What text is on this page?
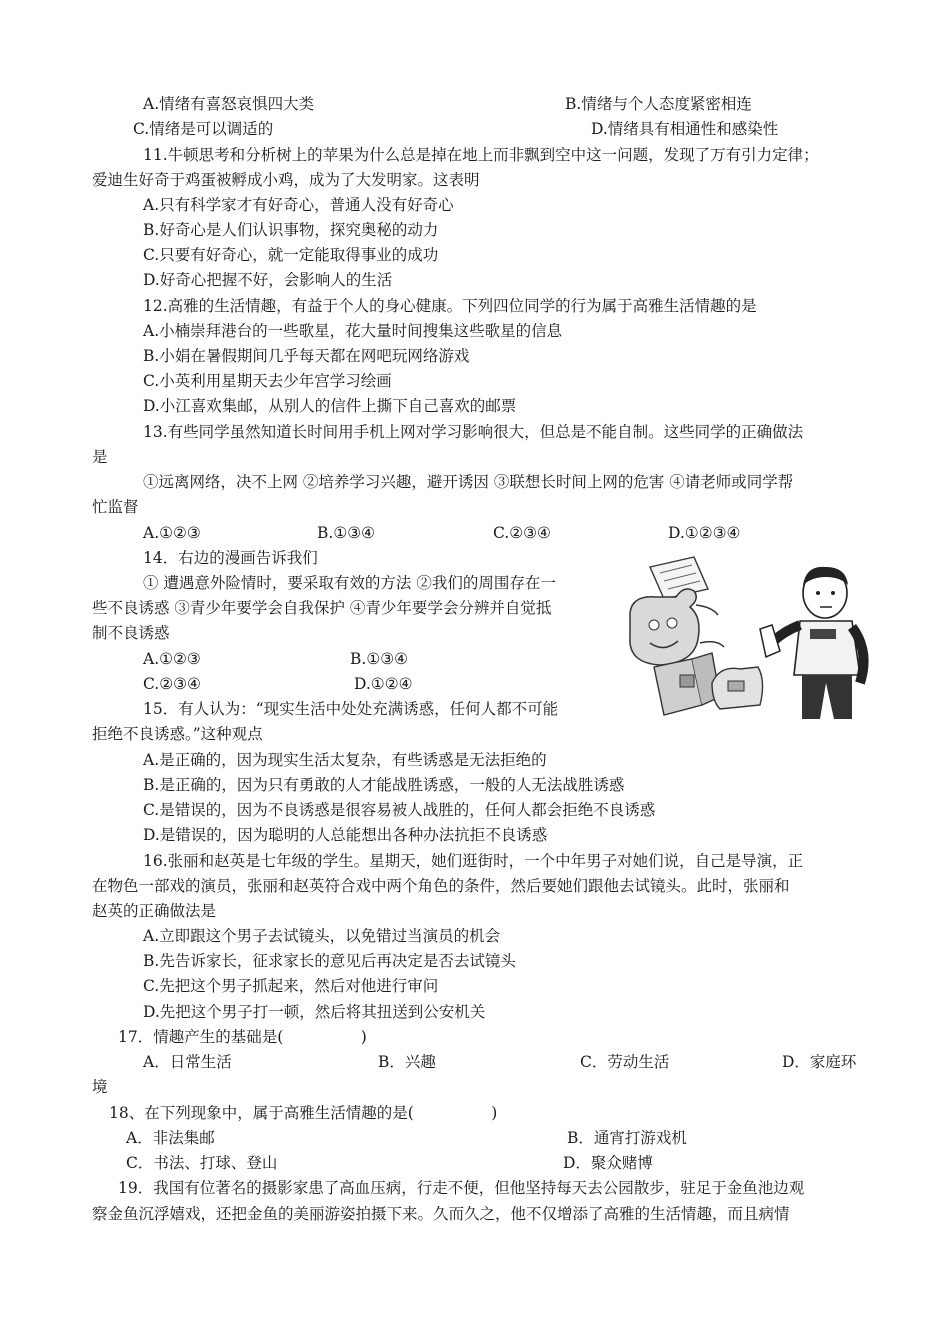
A.情绪有喜怒哀惧四大类	B.情绪与个人态度紧密相连
C.情绪是可以调适的	D.情绪具有相通性和感染性
11.牛顿思考和分析树上的苹果为什么总是掉在地上而非飘到空中这一问题，发现了万有引力定律；
爱迪生好奇于鸡蛋被孵成小鸡，成为了大发明家。这表明
A.只有科学家才有好奇心，普通人没有好奇心
B.好奇心是人们认识事物，探究奥秘的动力
C.只要有好奇心，就一定能取得事业的成功
D.好奇心把握不好，会影响人的生活
12.高雅的生活情趣，有益于个人的身心健康。下列四位同学的行为属于高雅生活情趣的是
A.小楠崇拜港台的一些歌星，花大量时间搜集这些歌星的信息
B.小娟在暑假期间几乎每天都在网吧玩网络游戏
C.小英利用星期天去少年宫学习绘画
D.小江喜欢集邮，从别人的信件上撕下自己喜欢的邮票
13.有些同学虽然知道长时间用手机上网对学习影响很大，但总是不能自制。这些同学的正确做法
是
①远离网络，决不上网 ②培养学习兴趣，避开诱因 ③联想长时间上网的危害 ④请老师或同学帮
忙监督
A.①②③	B.①③④	C.②③④	D.①②③④
14．右边的漫画告诉我们
① 遭遇意外险情时，要采取有效的方法 ②我们的周围存在一
些不良诱惑 ③青少年要学会自我保护 ④青少年要学会分辨并自觉抵
制不良诱惑
A.①②③	B.①③④
C.②③④	D.①②④
15．有人认为：“现实生活中处处充满诱惑，任何人都不可能
拒绝不良诱惑。”这种观点
A.是正确的，因为现实生活太复杂，有些诱惑是无法拒绝的
B.是正确的，因为只有勇敢的人才能战胜诱惑，一般的人无法战胜诱惑
C.是错误的，因为不良诱惑是很容易被人战胜的，任何人都会拒绝不良诱惑
D.是错误的，因为聪明的人总能想出各种办法抗拒不良诱惑
16.张丽和赵英是七年级的学生。星期天，她们逛街时，一个中年男子对她们说，自己是导演，正
在物色一部戏的演员，张丽和赵英符合戏中两个角色的条件，然后要她们跟他去试镜头。此时，张丽和
赵英的正确做法是
A.立即跟这个男子去试镜头，以免错过当演员的机会
B.先告诉家长，征求家长的意见后再决定是否去试镜头
C.先把这个男子抓起来，然后对他进行审问
D.先把这个男子打一顿，然后将其扭送到公安机关
17．情趣产生的基础是(　　　　　)
A．日常生活	B．兴趣	C．劳动生活	D．家庭环
境
18、在下列现象中，属于高雅生活情趣的是(　　　　　)
A．非法集邮	B．通宵打游戏机
C．书法、打球、登山	D．聚众赌博
19．我国有位著名的摄影家患了高血压病，行走不便，但他坚持每天去公园散步，驻足于金鱼池边观
察金鱼沉浮嬉戏，还把金鱼的美丽游姿拍摄下来。久而久之，他不仅增添了高雅的生活情趣，而且病情
